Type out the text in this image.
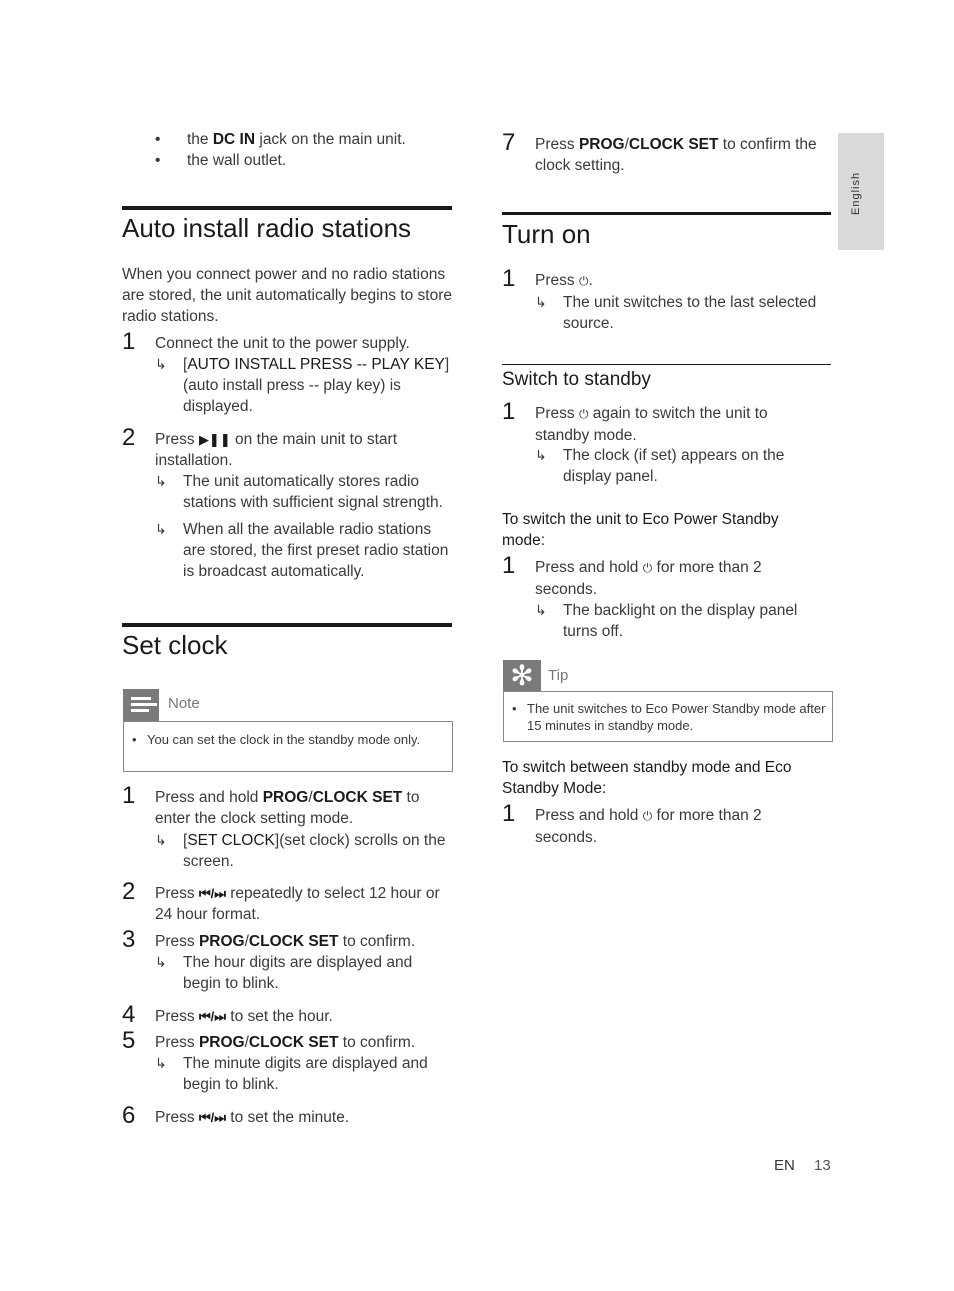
English
• the DC IN jack on the main unit.
• the wall outlet.
Auto install radio stations
When you connect power and no radio stations are stored, the unit automatically begins to store radio stations.
1 Connect the unit to the power supply.
↳ [AUTO INSTALL PRESS -- PLAY KEY](auto install press -- play key) is displayed.
2 Press ▶❚❚ on the main unit to start installation.
↳ The unit automatically stores radio stations with sufficient signal strength.
↳ When all the available radio stations are stored, the first preset radio station is broadcast automatically.
Set clock
Note
• You can set the clock in the standby mode only.
1 Press and hold PROG/CLOCK SET to enter the clock setting mode.
↳ [SET CLOCK](set clock) scrolls on the screen.
2 Press ⏮/⏭ repeatedly to select 12 hour or 24 hour format.
3 Press PROG/CLOCK SET to confirm.
↳ The hour digits are displayed and begin to blink.
4 Press ⏮/⏭ to set the hour.
5 Press PROG/CLOCK SET to confirm.
↳ The minute digits are displayed and begin to blink.
6 Press ⏮/⏭ to set the minute.
7 Press PROG/CLOCK SET to confirm the clock setting.
Turn on
1 Press ⏻.
↳ The unit switches to the last selected source.
Switch to standby
1 Press ⏻ again to switch the unit to standby mode.
↳ The clock (if set) appears on the display panel.
To switch the unit to Eco Power Standby mode:
1 Press and hold ⏻ for more than 2 seconds.
↳ The backlight on the display panel turns off.
✻ Tip
• The unit switches to Eco Power Standby mode after 15 minutes in standby mode.
To switch between standby mode and Eco Standby Mode:
1 Press and hold ⏻ for more than 2 seconds.
EN 13
